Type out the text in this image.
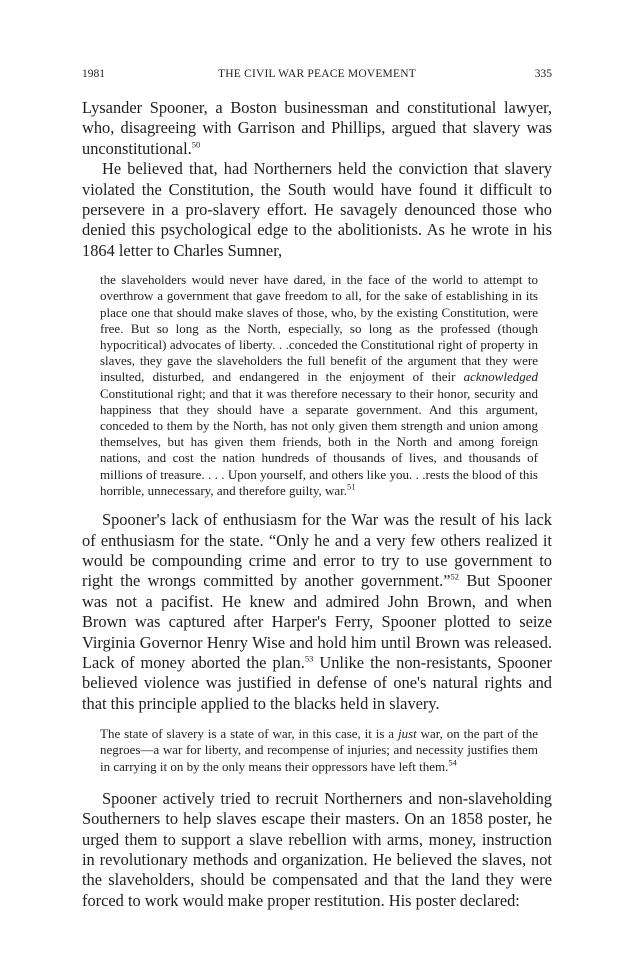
1981	THE CIVIL WAR PEACE MOVEMENT	335

Lysander Spooner, a Boston businessman and constitutional lawyer, who, disagreeing with Garrison and Phillips, argued that slavery was unconstitutional.$^{50}$

He believed that, had Northerners held the conviction that slavery violated the Constitution, the South would have found it difficult to persevere in a pro-slavery effort. He savagely denounced those who denied this psychological edge to the abolitionists. As he wrote in his 1864 letter to Charles Sumner,

the slaveholders would never have dared, in the face of the world to attempt to overthrow a government that gave freedom to all, for the sake of establishing in its place one that should make slaves of those, who, by the existing Constitution, were free. But so long as the North, especially, so long as the professed (though hypocritical) advocates of liberty. . .conceded the Constitutional right of property in slaves, they gave the slaveholders the full benefit of the argument that they were insulted, disturbed, and endangered in the enjoyment of their acknowledged Constitutional right; and that it was therefore necessary to their honor, security and happiness that they should have a separate government. And this argument, conceded to them by the North, has not only given them strength and union among themselves, but has given them friends, both in the North and among foreign nations, and cost the nation hundreds of thousands of lives, and thousands of millions of treasure. . . . Upon yourself, and others like you. . .rests the blood of this horrible, unnecessary, and therefore guilty, war.$^{51}$

Spooner's lack of enthusiasm for the War was the result of his lack of enthusiasm for the state. “Only he and a very few others realized it would be compounding crime and error to try to use government to right the wrongs committed by another government.”$^{52}$ But Spooner was not a pacifist. He knew and admired John Brown, and when Brown was captured after Harper's Ferry, Spooner plotted to seize Virginia Governor Henry Wise and hold him until Brown was released. Lack of money aborted the plan.$^{53}$ Unlike the non-resistants, Spooner believed violence was justified in defense of one's natural rights and that this principle applied to the blacks held in slavery.

The state of slavery is a state of war, in this case, it is a just war, on the part of the negroes—a war for liberty, and recompense of injuries; and necessity justifies them in carrying it on by the only means their oppressors have left them.$^{54}$

Spooner actively tried to recruit Northerners and non-slaveholding Southerners to help slaves escape their masters. On an 1858 poster, he urged them to support a slave rebellion with arms, money, instruction in revolutionary methods and organization. He believed the slaves, not the slaveholders, should be compensated and that the land they were forced to work would make proper restitution. His poster declared:
